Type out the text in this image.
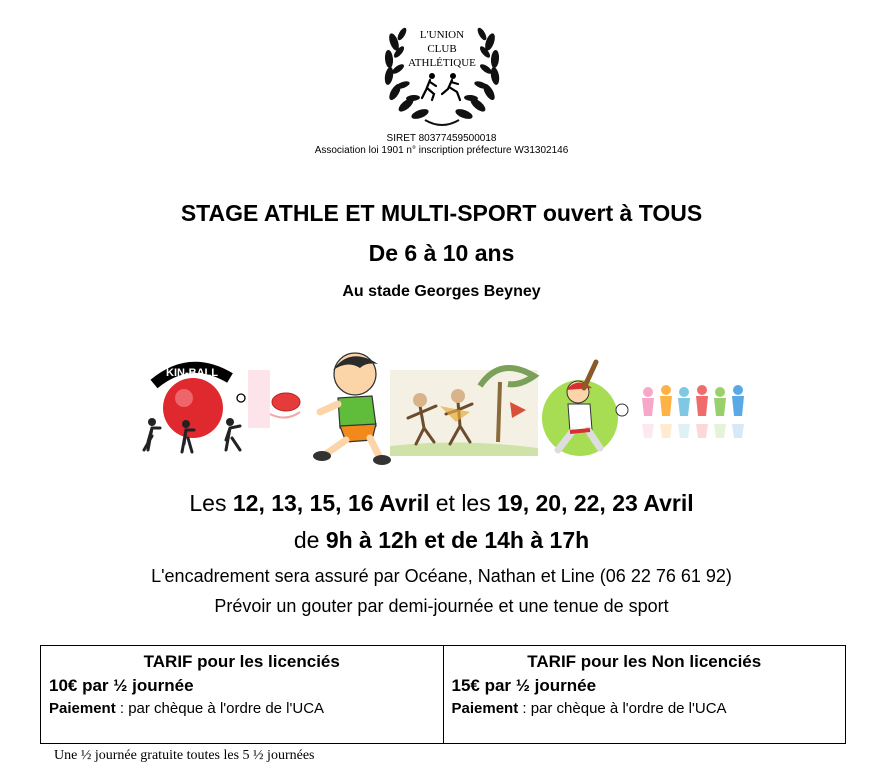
L'UNION
CLUB
ATHLÉTIQUE
SIRET 80377459500018
Association loi 1901 n° inscription préfecture W31302146
STAGE ATHLE ET MULTI-SPORT ouvert à TOUS
De 6 à 10 ans
Au stade Georges Beyney
KIN-BALL
Les 12, 13, 15, 16 Avril et les 19, 20, 22, 23 Avril
de 9h à 12h et de 14h à 17h
L'encadrement sera assuré par Océane, Nathan et Line (06 22 76 61 92)
Prévoir un gouter par demi-journée et une tenue de sport
TARIF pour les licenciés
10€ par ½ journée
Paiement : par chèque à l'ordre de l'UCA

TARIF pour les Non licenciés
15€ par ½ journée
Paiement : par chèque à l'ordre de l'UCA
Une ½ journée gratuite toutes les 5 ½ journées
